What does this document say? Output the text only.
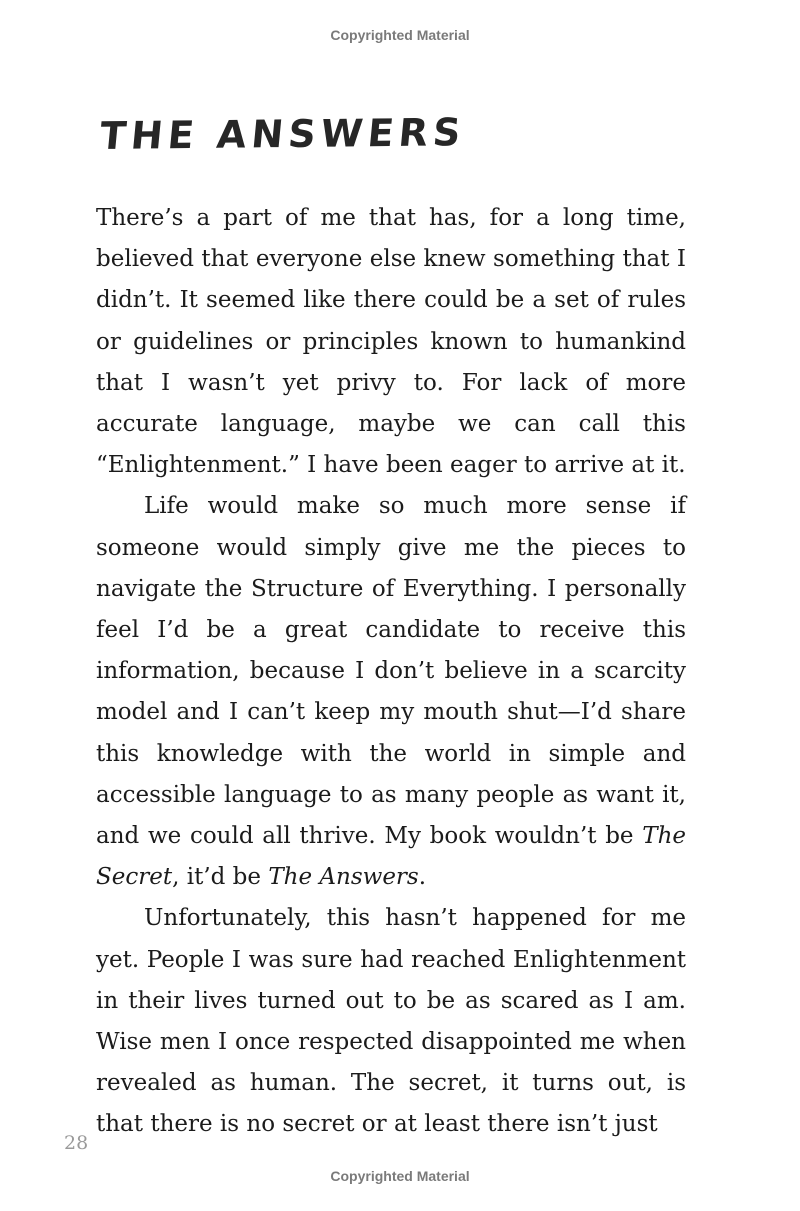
Copyrighted Material
THE ANSWERS

There’s a part of me that has, for a long time, believed that everyone else knew something that I didn’t. It seemed like there could be a set of rules or guidelines or principles known to humankind that I wasn’t yet privy to. For lack of more accurate language, maybe we can call this “Enlightenment.” I have been eager to arrive at it.

Life would make so much more sense if someone would simply give me the pieces to navigate the Structure of Everything. I personally feel I’d be a great candidate to receive this information, because I don’t believe in a scarcity model and I can’t keep my mouth shut—I’d share this knowledge with the world in simple and accessible language to as many people as want it, and we could all thrive. My book wouldn’t be The Secret, it’d be The Answers.

Unfortunately, this hasn’t happened for me yet. People I was sure had reached Enlightenment in their lives turned out to be as scared as I am. Wise men I once respected disappointed me when revealed as human. The secret, it turns out, is that there is no secret or at least there isn’t just

28
Copyrighted Material
